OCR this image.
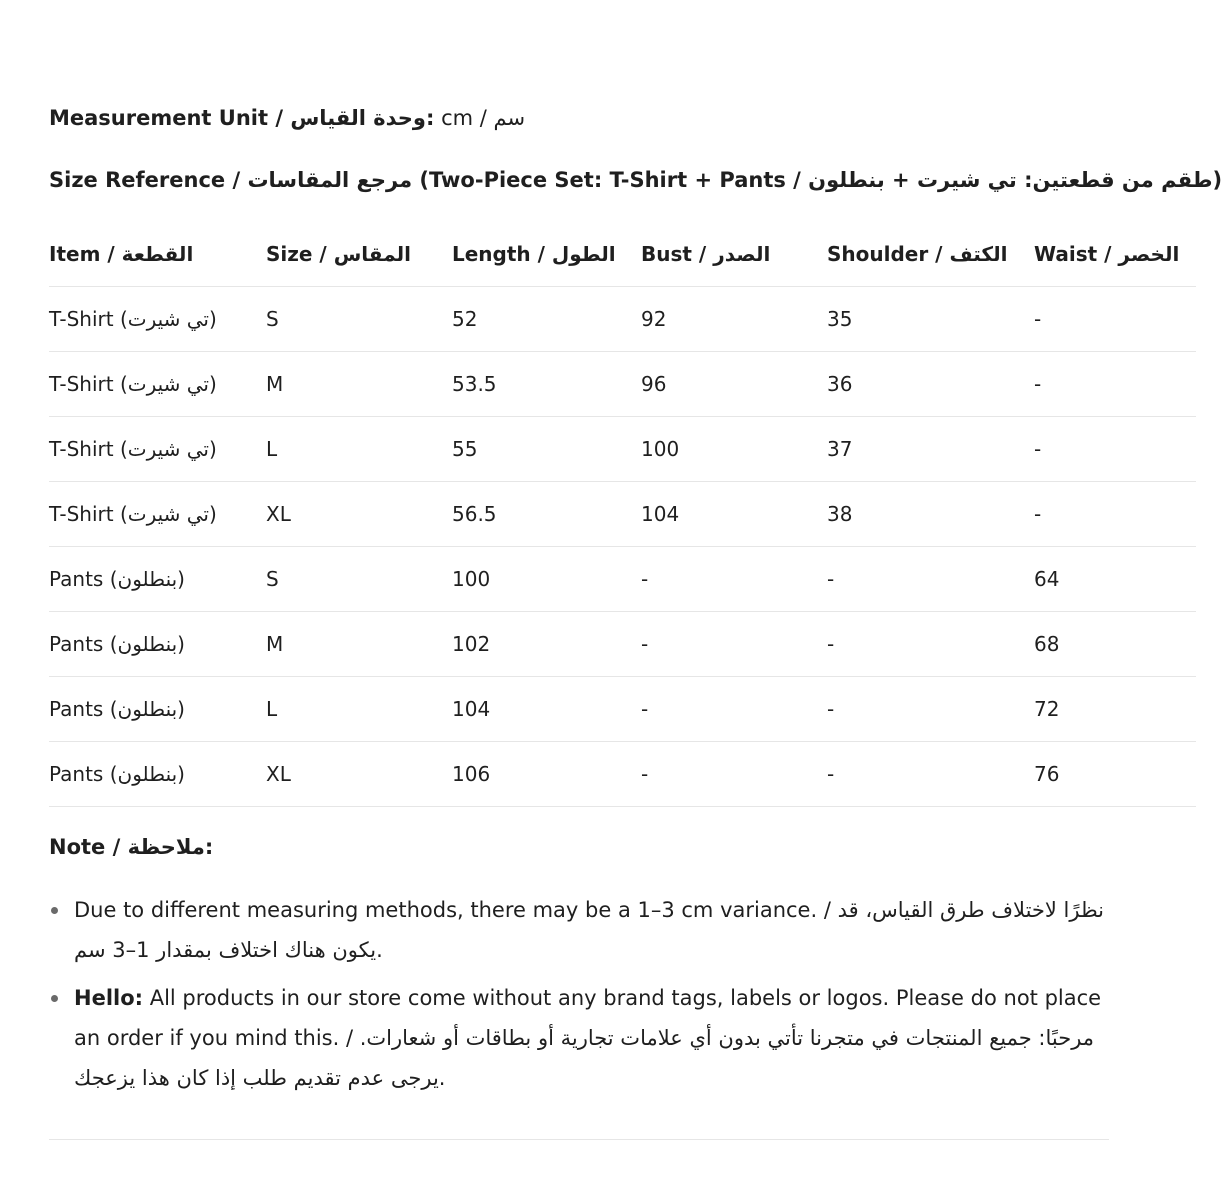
Measurement Unit / وحدة القياس: cm / سم
Size Reference / مرجع المقاسات (Two-Piece Set: T-Shirt + Pants / طقم من قطعتين: تي شيرت + بنطلون)
Item / القطعة	Size / المقاس	Length / الطول	Bust / الصدر	Shoulder / الكتف	Waist / الخصر
T-Shirt (تي شيرت)	S	52	92	35	-
T-Shirt (تي شيرت)	M	53.5	96	36	-
T-Shirt (تي شيرت)	L	55	100	37	-
T-Shirt (تي شيرت)	XL	56.5	104	38	-
Pants (بنطلون)	S	100	-	-	64
Pants (بنطلون)	M	102	-	-	68
Pants (بنطلون)	L	104	-	-	72
Pants (بنطلون)	XL	106	-	-	76
Note / ملاحظة:
Due to different measuring methods, there may be a 1–3 cm variance. / نظرًا لاختلاف طرق القياس، قد يكون هناك اختلاف بمقدار 1–3 سم.
Hello: All products in our store come without any brand tags, labels or logos. Please do not place an order if you mind this. / مرحبًا: جميع المنتجات في متجرنا تأتي بدون أي علامات تجارية أو بطاقات أو شعارات. يرجى عدم تقديم طلب إذا كان هذا يزعجك.
